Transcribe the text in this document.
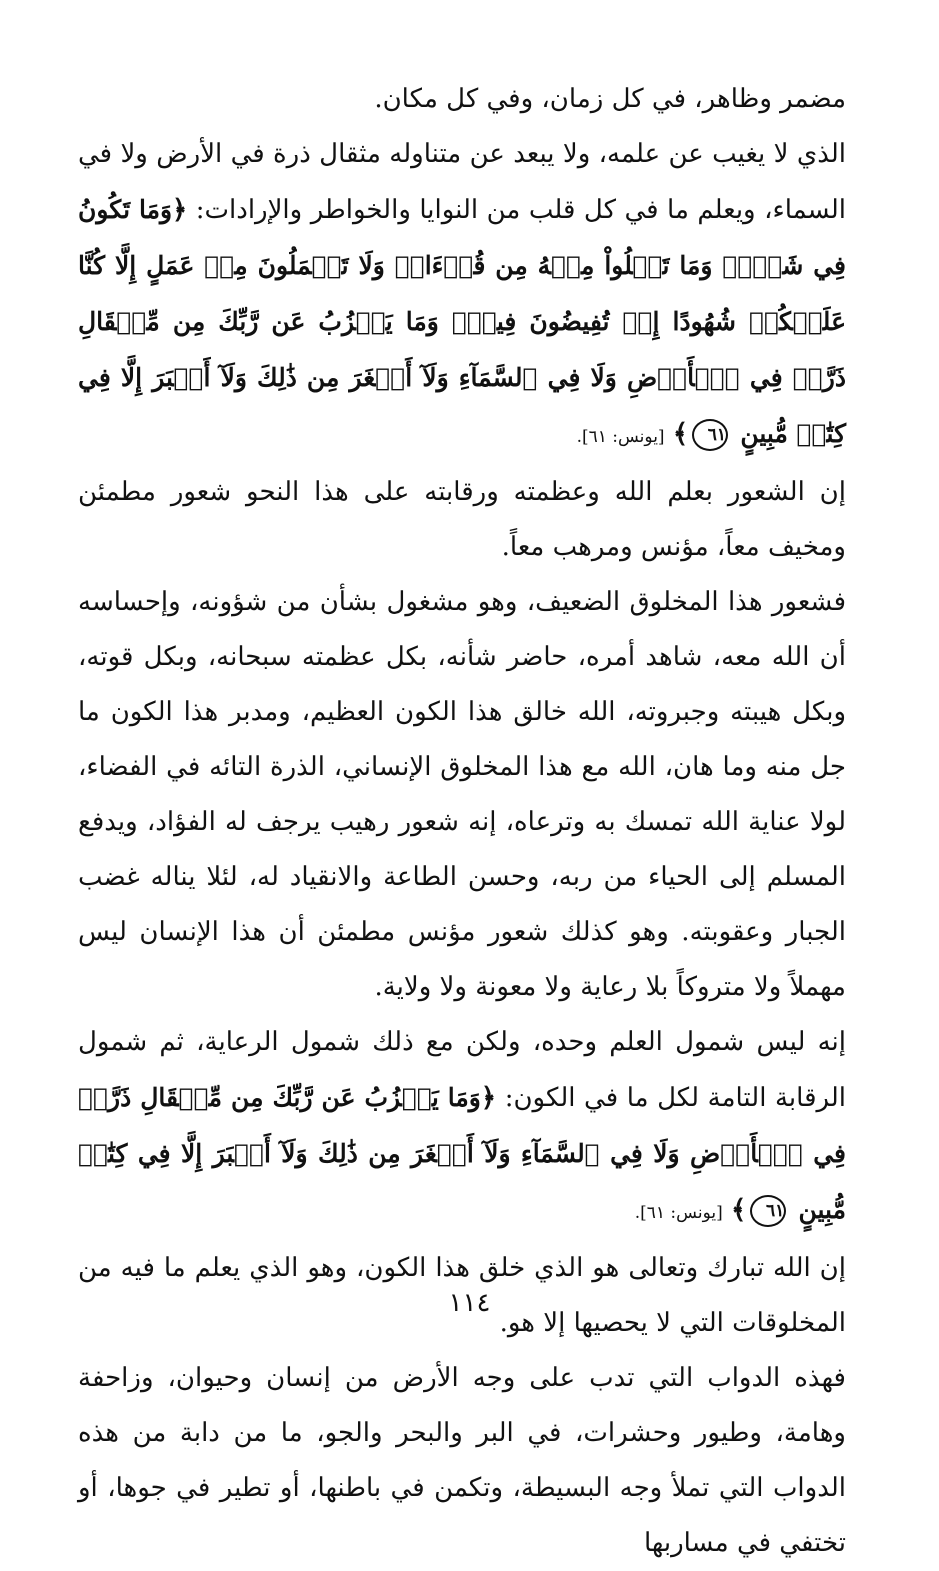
مضمر وظاهر، في كل زمان، وفي كل مكان.

الذي لا يغيب عن علمه، ولا يبعد عن متناوله مثقال ذرة في الأرض ولا في السماء، ويعلم ما في كل قلب من النوايا والخواطر والإرادات: ﴿وَمَا تَكُونُ فِي شَأۡنٖ وَمَا تَتۡلُواْ مِنۡهُ مِن قُرۡءَانٖ وَلَا تَعۡمَلُونَ مِنۡ عَمَلٍ إِلَّا كُنَّا عَلَيۡكُمۡ شُهُودًا إِذۡ تُفِيضُونَ فِيهِۚ وَمَا يَعۡزُبُ عَن رَّبِّكَ مِن مِّثۡقَالِ ذَرَّةٖ فِي ٱلۡأَرۡضِ وَلَا فِي ٱلسَّمَآءِ وَلَآ أَصۡغَرَ مِن ذَٰلِكَ وَلَآ أَكۡبَرَ إِلَّا فِي كِتَٰبٖ مُّبِينٍ ٦١﴾ [يونس: ٦١].

إن الشعور بعلم الله وعظمته ورقابته على هذا النحو شعور مطمئن ومخيف معاً، مؤنس ومرهب معاً.

فشعور هذا المخلوق الضعيف، وهو مشغول بشأن من شؤونه، وإحساسه أن الله معه، شاهد أمره، حاضر شأنه، بكل عظمته سبحانه، وبكل قوته، وبكل هيبته وجبروته، الله خالق هذا الكون العظيم، ومدبر هذا الكون ما جل منه وما هان، الله مع هذا المخلوق الإنساني، الذرة التائه في الفضاء، لولا عناية الله تمسك به وترعاه، إنه شعور رهيب يرجف له الفؤاد، ويدفع المسلم إلى الحياء من ربه، وحسن الطاعة والانقياد له، لئلا يناله غضب الجبار وعقوبته. وهو كذلك شعور مؤنس مطمئن أن هذا الإنسان ليس مهملاً ولا متروكاً بلا رعاية ولا معونة ولا ولاية.

إنه ليس شمول العلم وحده، ولكن مع ذلك شمول الرعاية، ثم شمول الرقابة التامة لكل ما في الكون: ﴿وَمَا يَعۡزُبُ عَن رَّبِّكَ مِن مِّثۡقَالِ ذَرَّةٖ فِي ٱلۡأَرۡضِ وَلَا فِي ٱلسَّمَآءِ وَلَآ أَصۡغَرَ مِن ذَٰلِكَ وَلَآ أَكۡبَرَ إِلَّا فِي كِتَٰبٖ مُّبِينٍ ٦١﴾ [يونس: ٦١].

إن الله تبارك وتعالى هو الذي خلق هذا الكون، وهو الذي يعلم ما فيه من المخلوقات التي لا يحصيها إلا هو.

فهذه الدواب التي تدب على وجه الأرض من إنسان وحيوان، وزاحفة وهامة، وطيور وحشرات، في البر والبحر والجو، ما من دابة من هذه الدواب التي تملأ وجه البسيطة، وتكمن في باطنها، أو تطير في جوها، أو تختفي في مساربها

١١٤
